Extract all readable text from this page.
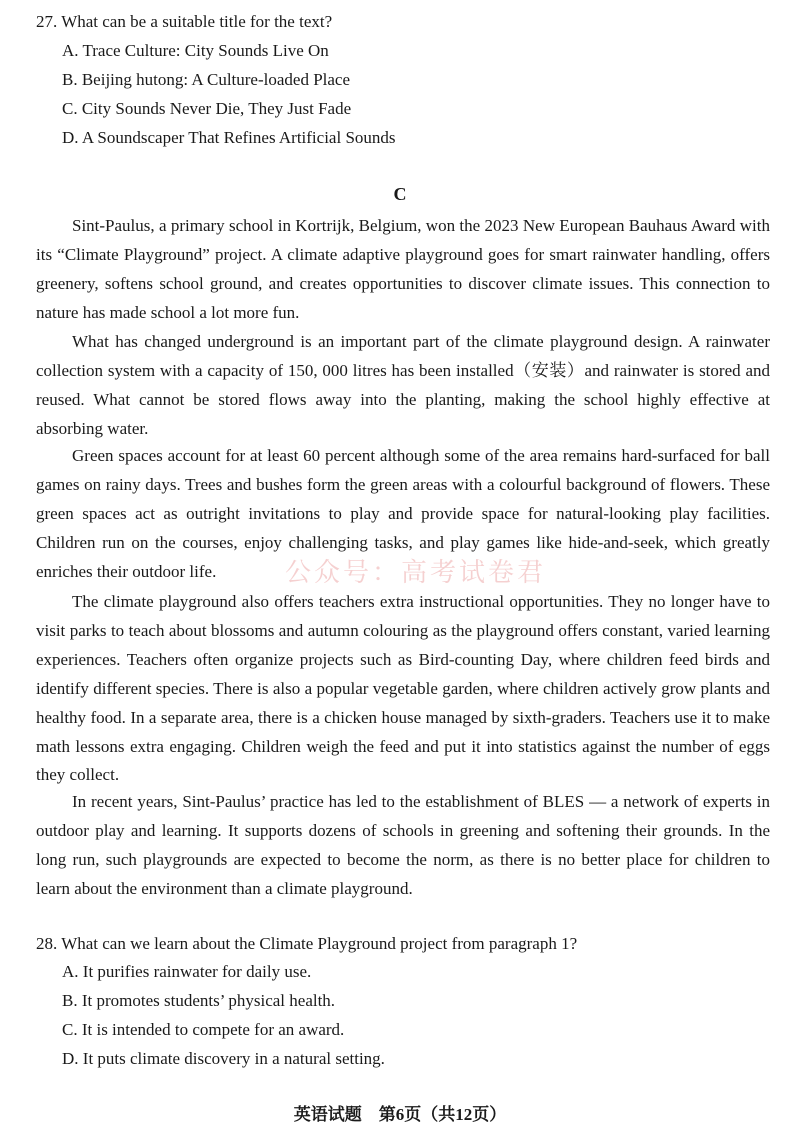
27. What can be a suitable title for the text?
A. Trace Culture: City Sounds Live On
B. Beijing hutong: A Culture-loaded Place
C. City Sounds Never Die, They Just Fade
D. A Soundscaper That Refines Artificial Sounds
C

Sint-Paulus, a primary school in Kortrijk, Belgium, won the 2023 New European Bauhaus Award with its “Climate Playground” project. A climate adaptive playground goes for smart rainwater handling, offers greenery, softens school ground, and creates opportunities to discover climate issues. This connection to nature has made school a lot more fun.

What has changed underground is an important part of the climate playground design. A rainwater collection system with a capacity of 150, 000 litres has been installed（安装）and rainwater is stored and reused. What cannot be stored flows away into the planting, making the school highly effective at absorbing water.

Green spaces account for at least 60 percent although some of the area remains hard-surfaced for ball games on rainy days. Trees and bushes form the green areas with a colourful background of flowers. These green spaces act as outright invitations to play and provide space for natural-looking play facilities. Children run on the courses, enjoy challenging tasks, and play games like hide-and-seek, which greatly enriches their outdoor life.

The climate playground also offers teachers extra instructional opportunities. They no longer have to visit parks to teach about blossoms and autumn colouring as the playground offers constant, varied learning experiences. Teachers often organize projects such as Bird-counting Day, where children feed birds and identify different species. There is also a popular vegetable garden, where children actively grow plants and healthy food. In a separate area, there is a chicken house managed by sixth-graders. Teachers use it to make math lessons extra engaging. Children weigh the feed and put it into statistics against the number of eggs they collect.

In recent years, Sint-Paulus’ practice has led to the establishment of BLES — a network of experts in outdoor play and learning. It supports dozens of schools in greening and softening their grounds. In the long run, such playgrounds are expected to become the norm, as there is no better place for children to learn about the environment than a climate playground.

公众号：高考试卷君
28. What can we learn about the Climate Playground project from paragraph 1?
A. It purifies rainwater for daily use.
B. It promotes students’ physical health.
C. It is intended to compete for an award.
D. It puts climate discovery in a natural setting.
英语试题　第6页（共12页）
